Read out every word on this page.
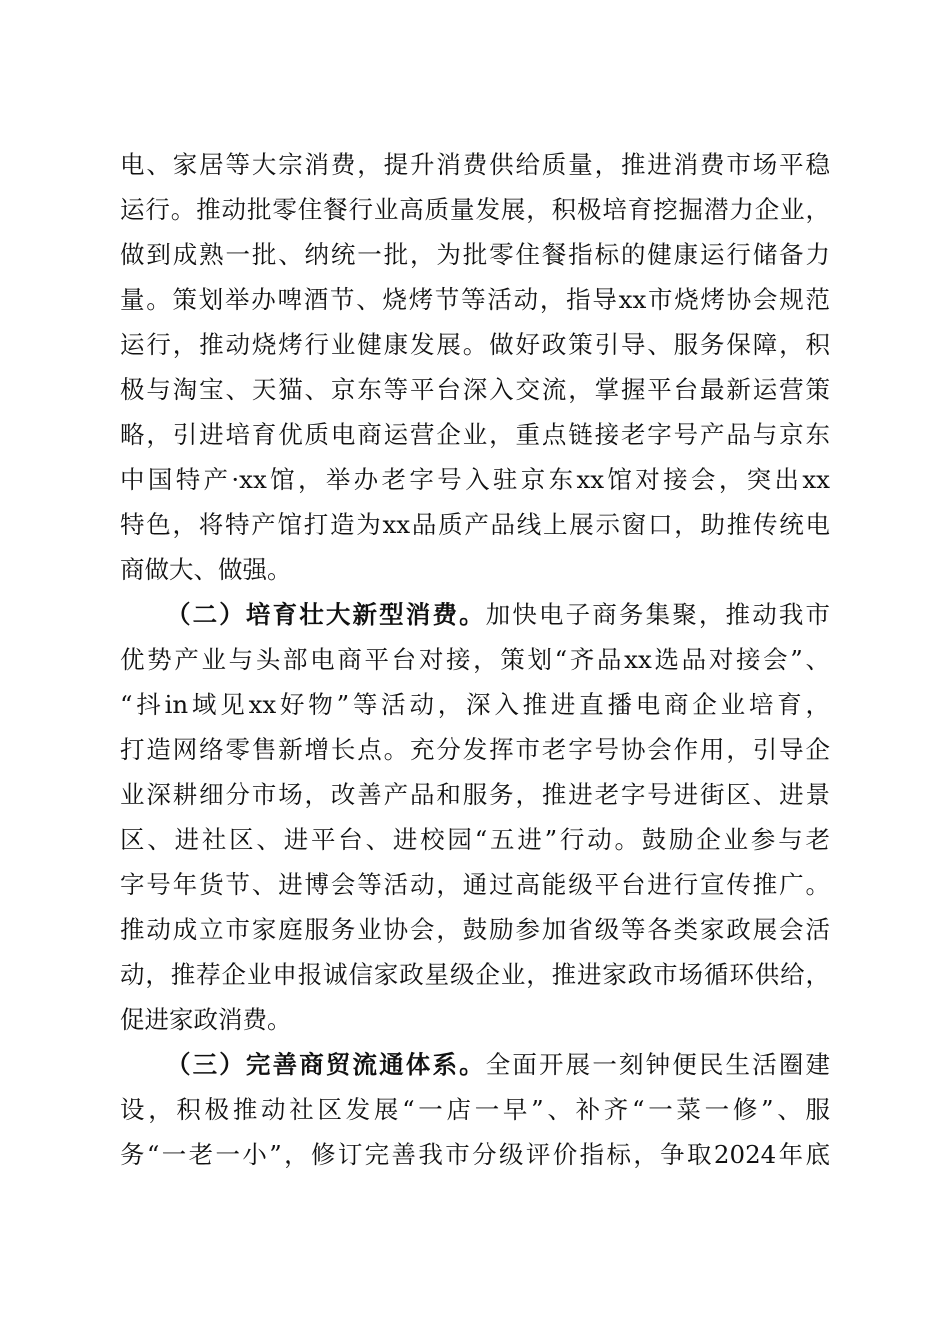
电、家居等大宗消费，提升消费供给质量，推进消费市场平稳
运行。推动批零住餐行业高质量发展，积极培育挖掘潜力企业，
做到成熟一批、纳统一批，为批零住餐指标的健康运行储备力
量。策划举办啤酒节、烧烤节等活动，指导xx市烧烤协会规范
运行，推动烧烤行业健康发展。做好政策引导、服务保障，积
极与淘宝、天猫、京东等平台深入交流，掌握平台最新运营策
略，引进培育优质电商运营企业，重点链接老字号产品与京东
中国特产·xx馆，举办老字号入驻京东xx馆对接会，突出xx
特色，将特产馆打造为xx品质产品线上展示窗口，助推传统电
商做大、做强。
（二）培育壮大新型消费。加快电子商务集聚，推动我市
优势产业与头部电商平台对接，策划“齐品xx选品对接会”、
“抖in域见xx好物”等活动，深入推进直播电商企业培育，
打造网络零售新增长点。充分发挥市老字号协会作用，引导企
业深耕细分市场，改善产品和服务，推进老字号进街区、进景
区、进社区、进平台、进校园“五进”行动。鼓励企业参与老
字号年货节、进博会等活动，通过高能级平台进行宣传推广。
推动成立市家庭服务业协会，鼓励参加省级等各类家政展会活
动，推荐企业申报诚信家政星级企业，推进家政市场循环供给，
促进家政消费。
（三）完善商贸流通体系。全面开展一刻钟便民生活圈建
设，积极推动社区发展“一店一早”、补齐“一菜一修”、服
务“一老一小”，修订完善我市分级评价指标，争取2024年底
